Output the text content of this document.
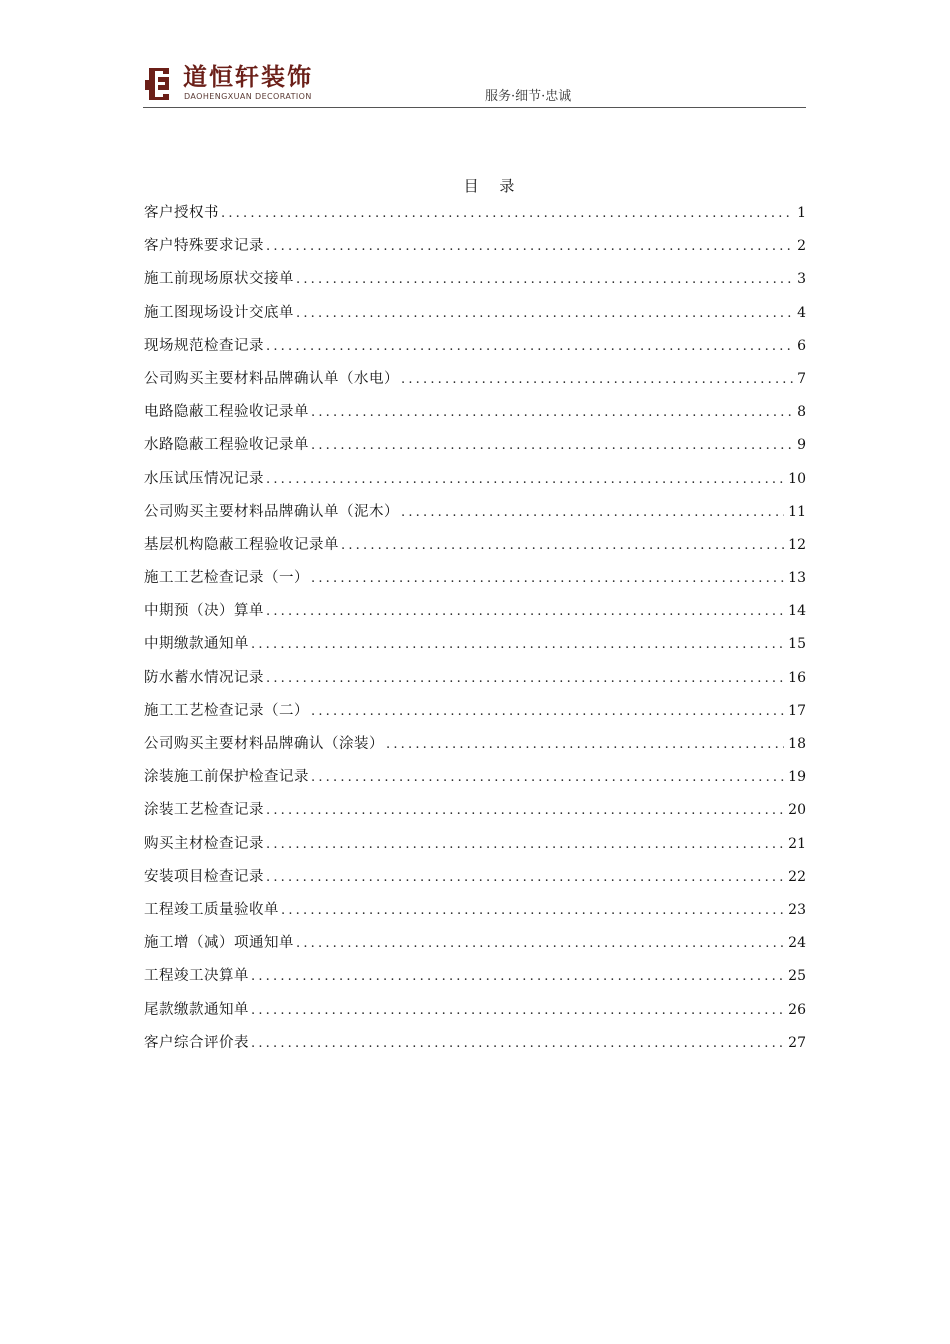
道恒轩装饰
DAOHENGXUAN DECORATION	服务·细节·忠诚
目 录
客户授权书 .....	1
客户特殊要求记录 .....	2
施工前现场原状交接单 .....	3
施工图现场设计交底单 .....	4
现场规范检查记录 .....	6
公司购买主要材料品牌确认单（水电） .....	7
电路隐蔽工程验收记录单 .....	8
水路隐蔽工程验收记录单 .....	9
水压试压情况记录 .....	10
公司购买主要材料品牌确认单（泥木） .....	11
基层机构隐蔽工程验收记录单 .....	12
施工工艺检查记录（一） .....	13
中期预（决）算单 .....	14
中期缴款通知单 .....	15
防水蓄水情况记录 .....	16
施工工艺检查记录（二） .....	17
公司购买主要材料品牌确认（涂装） .....	18
涂装施工前保护检查记录 .....	19
涂装工艺检查记录 .....	20
购买主材检查记录 .....	21
安装项目检查记录 .....	22
工程竣工质量验收单 .....	23
施工增（减）项通知单 .....	24
工程竣工决算单 .....	25
尾款缴款通知单 .....	26
客户综合评价表 .....	27
